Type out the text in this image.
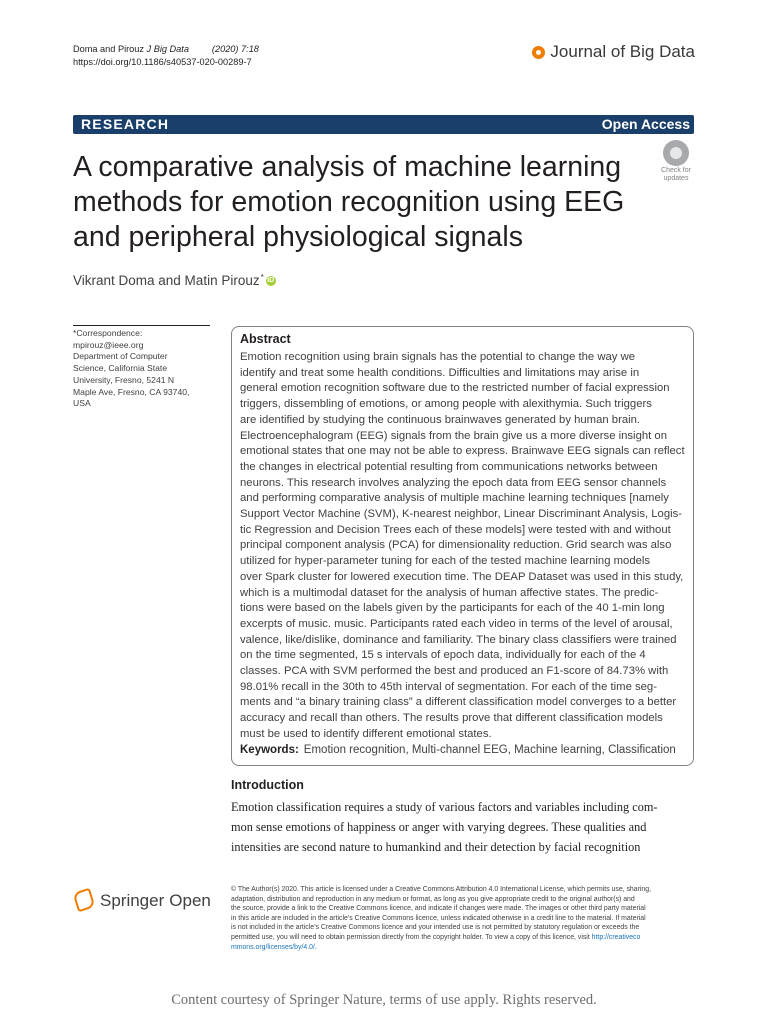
Doma and Pirouz J Big Data (2020) 7:18
https://doi.org/10.1186/s40537-020-00289-7
Journal of Big Data
RESEARCH	Open Access
A comparative analysis of machine learning
methods for emotion recognition using EEG
and peripheral physiological signals
Check for
updates
Vikrant Doma and Matin Pirouz* iD
*Correspondence:
mpirouz@ieee.org
Department of Computer
Science, California State
University, Fresno, 5241 N
Maple Ave, Fresno, CA 93740,
USA
Abstract
Emotion recognition using brain signals has the potential to change the way we
identify and treat some health conditions. Difficulties and limitations may arise in
general emotion recognition software due to the restricted number of facial expression
triggers, dissembling of emotions, or among people with alexithymia. Such triggers
are identified by studying the continuous brainwaves generated by human brain.
Electroencephalogram (EEG) signals from the brain give us a more diverse insight on
emotional states that one may not be able to express. Brainwave EEG signals can reflect
the changes in electrical potential resulting from communications networks between
neurons. This research involves analyzing the epoch data from EEG sensor channels
and performing comparative analysis of multiple machine learning techniques [namely
Support Vector Machine (SVM), K-nearest neighbor, Linear Discriminant Analysis, Logis-
tic Regression and Decision Trees each of these models] were tested with and without
principal component analysis (PCA) for dimensionality reduction. Grid search was also
utilized for hyper-parameter tuning for each of the tested machine learning models
over Spark cluster for lowered execution time. The DEAP Dataset was used in this study,
which is a multimodal dataset for the analysis of human affective states. The predic-
tions were based on the labels given by the participants for each of the 40 1-min long
excerpts of music. music. Participants rated each video in terms of the level of arousal,
valence, like/dislike, dominance and familiarity. The binary class classifiers were trained
on the time segmented, 15 s intervals of epoch data, individually for each of the 4
classes. PCA with SVM performed the best and produced an F1-score of 84.73% with
98.01% recall in the 30th to 45th interval of segmentation. For each of the time seg-
ments and “a binary training class” a different classification model converges to a better
accuracy and recall than others. The results prove that different classification models
must be used to identify different emotional states.
Keywords: Emotion recognition, Multi-channel EEG, Machine learning, Classification
Introduction
Emotion classification requires a study of various factors and variables including com-
mon sense emotions of happiness or anger with varying degrees. These qualities and
intensities are second nature to humankind and their detection by facial recognition
Springer Open
© The Author(s) 2020. This article is licensed under a Creative Commons Attribution 4.0 International License, which permits use, sharing,
adaptation, distribution and reproduction in any medium or format, as long as you give appropriate credit to the original author(s) and
the source, provide a link to the Creative Commons licence, and indicate if changes were made. The images or other third party material
in this article are included in the article’s Creative Commons licence, unless indicated otherwise in a credit line to the material. If material
is not included in the article’s Creative Commons licence and your intended use is not permitted by statutory regulation or exceeds the
permitted use, you will need to obtain permission directly from the copyright holder. To view a copy of this licence, visit http://creativeco
mmons.org/licenses/by/4.0/.
Content courtesy of Springer Nature, terms of use apply. Rights reserved.
